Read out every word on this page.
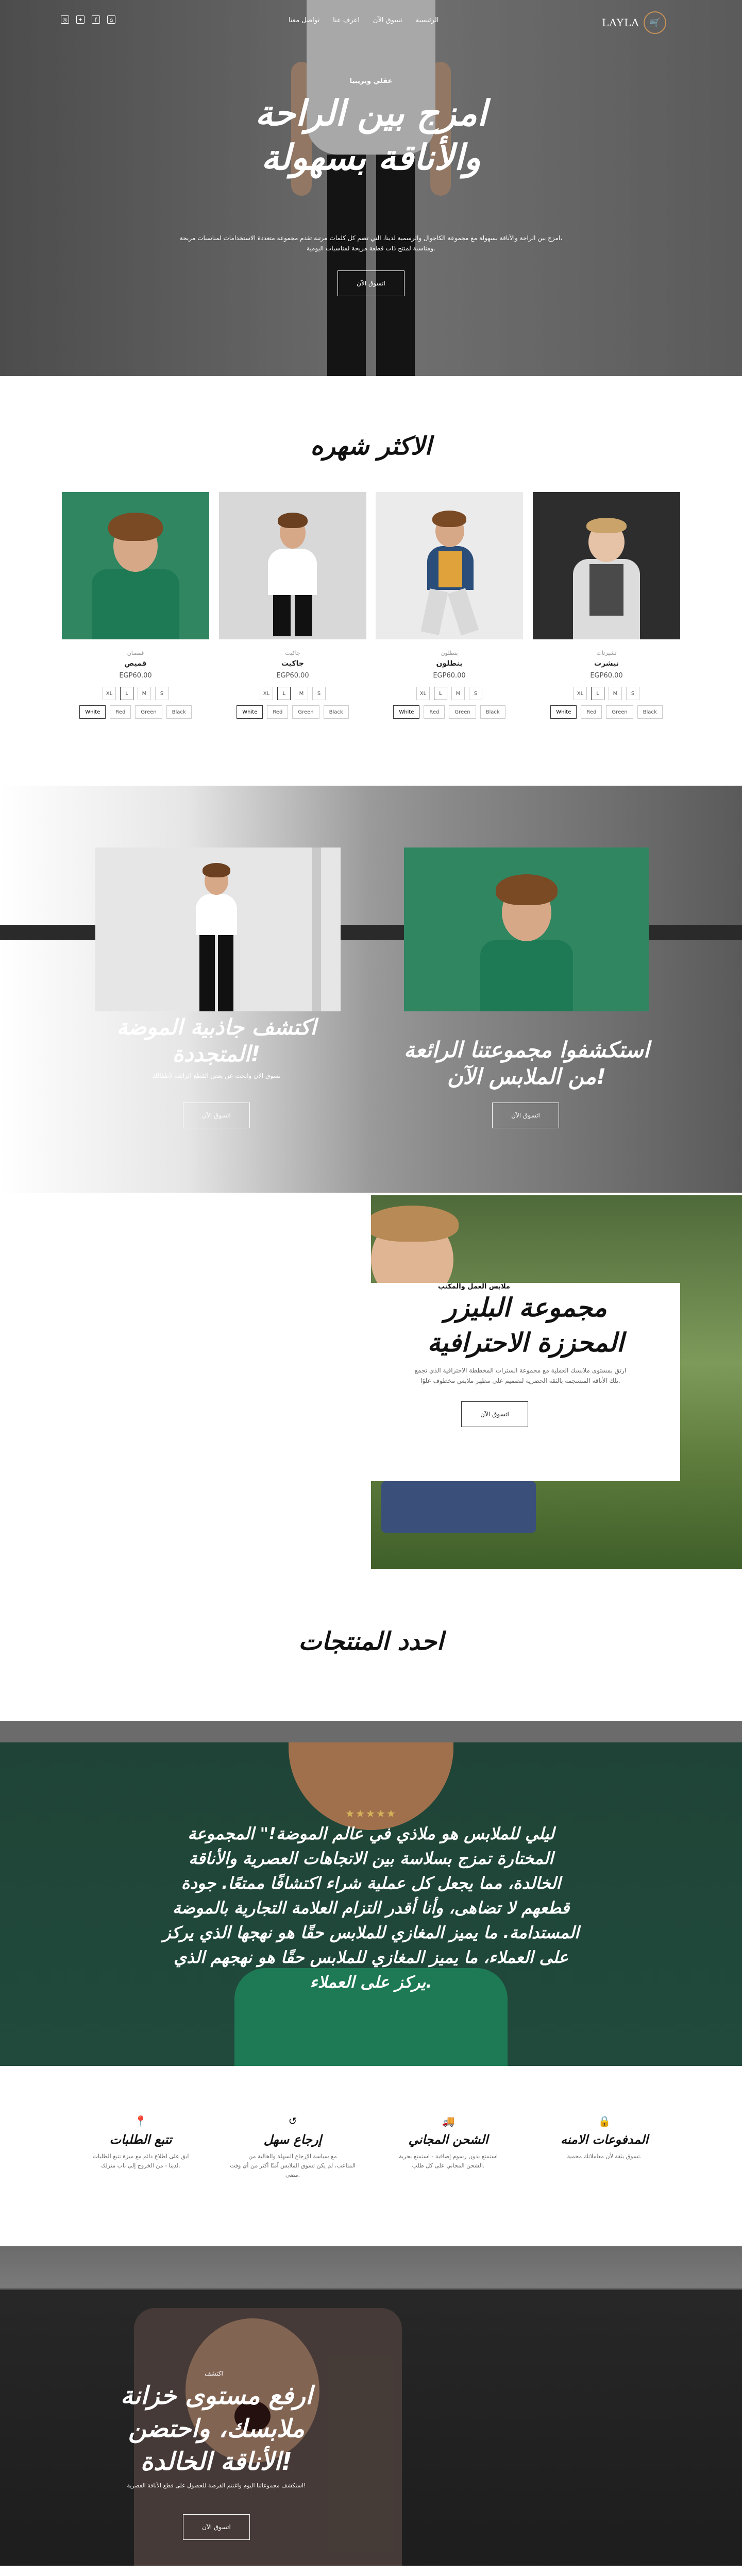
◎	✦	f	⌂	تواصل معنا اعرف عنا تسوق الآن الرئيسية	LAYLA	🛒
عقلي ويريبيا
امزج بين الراحة
والأناقة بسهولة
امزج بين الراحة والأناقة بسهولة مع مجموعة الكاجوال والرسمية لدينا، التي تضم كل كلمات مرتبة تقدم مجموعة متعددة الاستخدامات لمناسبات مريحة،
ومناسبة لمنتج ذات قطعة مريحة لمناسبات اليومية.
اتسوق الآن
الاكثر شهره
قمصان
قميص
EGP60.00
XL	L	M	S
White	Red	Green	Black
جاكيت
جاكيت
EGP60.00
XL	L	M	S
White	Red	Green	Black
بنطلون
بنطلون
EGP60.00
XL	L	M	S
White	Red	Green	Black
تشيرتات
تيشرت
EGP60.00
XL	L	M	S
White	Red	Green	Black
اكتشف جاذبية الموضة
المتجددة!
تسوق الآن وابحث عن بعض القطع الرائعة لأطفالك
اتسوق الآن
استكشفوا مجموعتنا الرائعة
من الملابس الآن!
اتسوق الآن
ملابس العمل والمكتب
مجموعة البليزر
المحززة الاحترافية
ارتقِ بمستوى ملابسك العملية مع مجموعة السترات المخططة الاحترافية الذي تجمع
تلك الأناقة المنسجمة بالثقة الحضرية لتصميم على مظهر ملابس مخطوف علوًا.
اتسوق الآن
احدد المنتجات
★★★★★
ليلي للملابس هو ملاذي في عالم الموضة!" المجموعة المختارة تمزج بسلاسة بين الاتجاهات العصرية والأناقة الخالدة، مما يجعل كل عملية شراء اكتشافًا ممتعًا. جودة قطعهم لا تضاهى، وأنا أقدر التزام العلامة التجارية بالموضة المستدامة. ما يميز المغازي للملابس حقًا هو نهجها الذي يركز على العملاء، ما يميز المغازي للملابس حقًا هو نهجهم الذي يركز على العملاء.
🔒
المدفوعات الامنه
تسوق بثقة لأن معاملاتك محمية.
🚚
الشحن المجاني
استمتع بدون رسوم إضافية - استمتع بحرية
الشحن المجاني على كل طلب.
↺
إرجاع سهل
مع سياسة الإرجاع السهلة والخالية من
المتاعب، لم يكن تسوق الملابس آمنًا أكثر من أي وقت مضى.
📍
تتبع الطلبات
ابق على اطلاع دائم مع ميزة تتبع الطلبات
لدينا - من الخروج إلى باب منزلك.
اكتشف
ارفع مستوى خزانة
ملابسك، واحتضن
الأناقة الخالدة!
استكشف مجموعاتنا اليوم واغتنم الفرصة للحصول على قطع الأناقة العصرية!
اتسوق الآن
